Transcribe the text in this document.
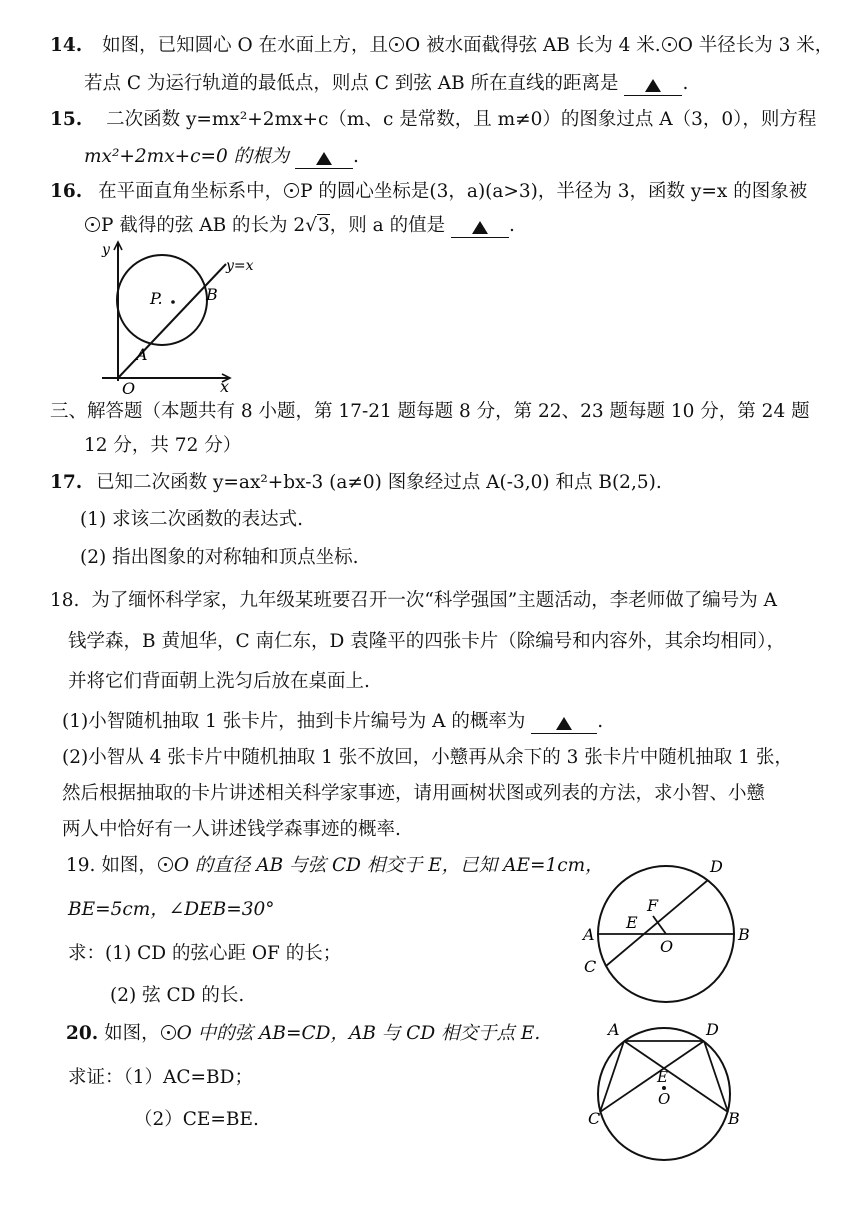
14. 如图，已知圆心 O 在水面上方，且 O 被水面截得弦 AB 长为 4 米. O 半径长为 3 米，
若点 C 为运行轨道的最低点，则点 C 到弦 AB 所在直线的距离是	.
15. 二次函数 y=mx²+2mx+c（m、c 是常数，且 m≠0）的图象过点 A（3，0），则方程
mx²+2mx+c=0 的根为	.
16. 在平面直角坐标系中， P 的圆心坐标是(3，a)(a>3)，半径为 3，函数 y=x 的图象被
P 截得的弦 AB 的长为 2√3，则 a 的值是	.
y
y=x
P.	B
A
O	x
三、解答题（本题共有 8 小题，第 17-21 题每题 8 分，第 22、23 题每题 10 分，第 24 题
12 分，共 72 分）
17. 已知二次函数 y=ax²+bx-3 (a≠0) 图象经过点 A(-3,0) 和点 B(2,5).
(1) 求该二次函数的表达式.
(2) 指出图象的对称轴和顶点坐标.
18. 为了缅怀科学家，九年级某班要召开一次“科学强国”主题活动，李老师做了编号为 A
钱学森，B 黄旭华，C 南仁东，D 袁隆平的四张卡片（除编号和内容外，其余均相同），
并将它们背面朝上洗匀后放在桌面上.
(1)小智随机抽取 1 张卡片，抽到卡片编号为 A 的概率为	.
(2)小智从 4 张卡片中随机抽取 1 张不放回，小戆再从余下的 3 张卡片中随机抽取 1 张，
然后根据抽取的卡片讲述相关科学家事迹，请用画树状图或列表的方法，求小智、小戆
两人中恰好有一人讲述钱学森事迹的概率.
19. 如图， O 的直径 AB 与弦 CD 相交于 E，已知 AE=1cm，
BE=5cm，∠DEB=30°
求：(1) CD 的弦心距 OF 的长；
(2) 弦 CD 的长.
D
F
A
E
O
B
C
20. 如图， O 中的弦 AB=CD，AB 与 CD 相交于点 E.
求证：（1）AC=BD；
（2）CE=BE.
A	D
E
O
C	B
